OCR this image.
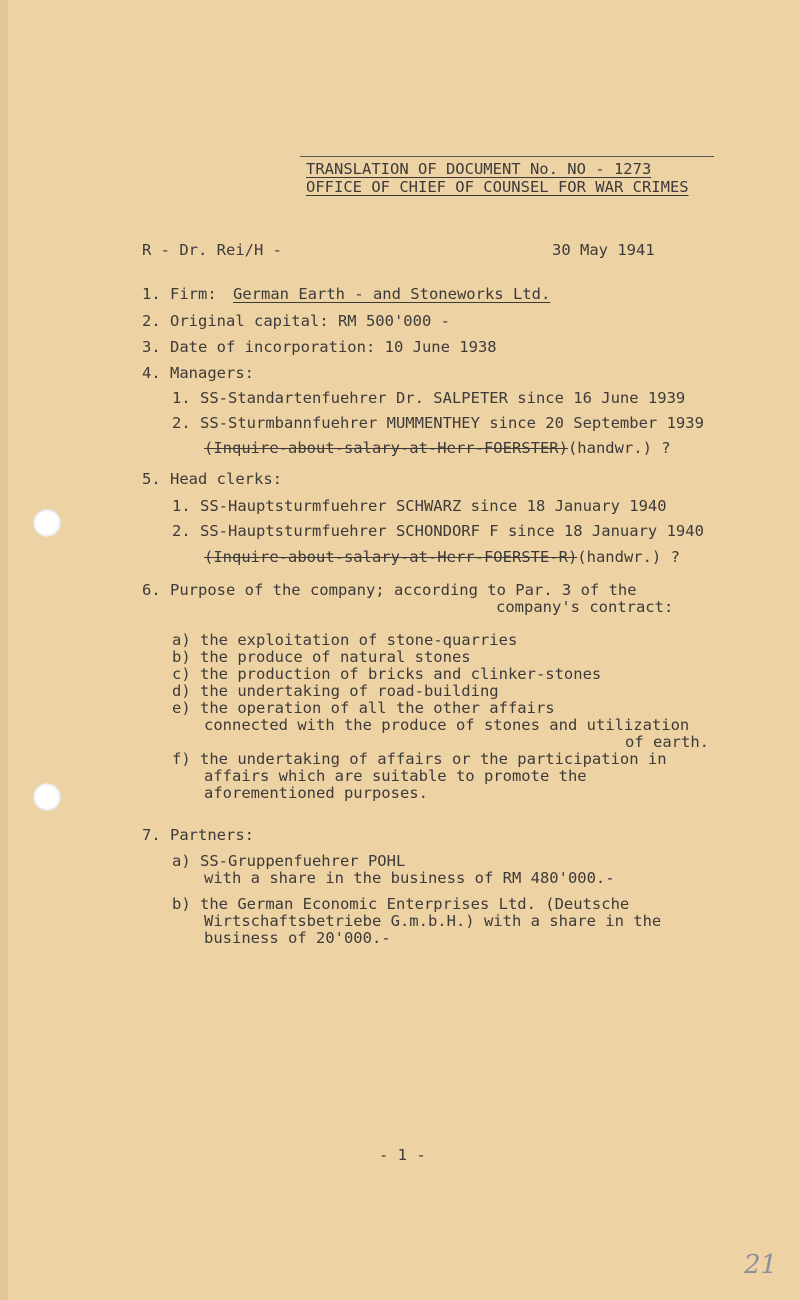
TRANSLATION OF DOCUMENT No. NO - 1273
OFFICE OF CHIEF OF COUNSEL FOR WAR CRIMES
R - Dr. Rei/H -	30 May 1941
1. Firm: German Earth - and Stoneworks Ltd.
2. Original capital: RM 500'000 -
3. Date of incorporation: 10 June 1938
4. Managers:
1. SS-Standartenfuehrer Dr. SALPETER since 16 June 1939
2. SS-Sturmbannfuehrer MUMMENTHEY since 20 September 1939
(Inquire-about-salary-at-Herr-FOERSTER)(handwr.) ?
5. Head clerks:
1. SS-Hauptsturmfuehrer SCHWARZ since 18 January 1940
2. SS-Hauptsturmfuehrer SCHONDORF F since 18 January 1940
(Inquire-about-salary-at-Herr-FOERSTE-R)(handwr.) ?
6. Purpose of the company; according to Par. 3 of the
company's contract:
a) the exploitation of stone-quarries
b) the produce of natural stones
c) the production of bricks and clinker-stones
d) the undertaking of road-building
e) the operation of all the other affairs
connected with the produce of stones and utilization
of earth.
f) the undertaking of affairs or the participation in
affairs which are suitable to promote the
aforementioned purposes.
7. Partners:
a) SS-Gruppenfuehrer POHL
with a share in the business of RM 480'000.-
b) the German Economic Enterprises Ltd. (Deutsche
Wirtschaftsbetriebe G.m.b.H.) with a share in the
business of 20'000.-
- 1 -
21
